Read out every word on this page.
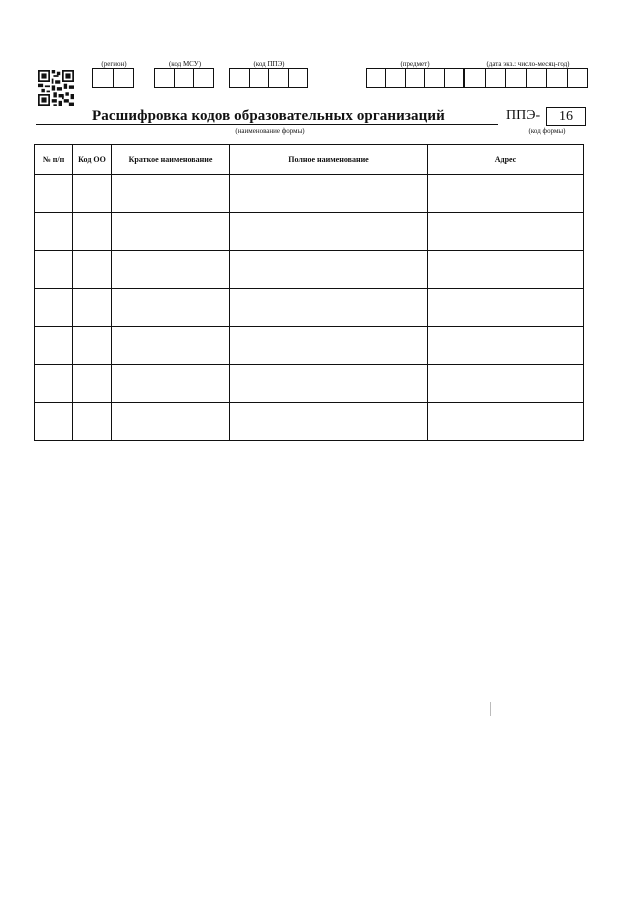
(регион)	(код МСУ)	(код ППЭ)	(предмет)	(дата экз.: число-месяц-год)
Расшифровка кодов образовательных организаций
(наименование формы)
ППЭ-	16
(код формы)
№ п/п	Код ОО	Краткое наименование	Полное наименование	Адрес
